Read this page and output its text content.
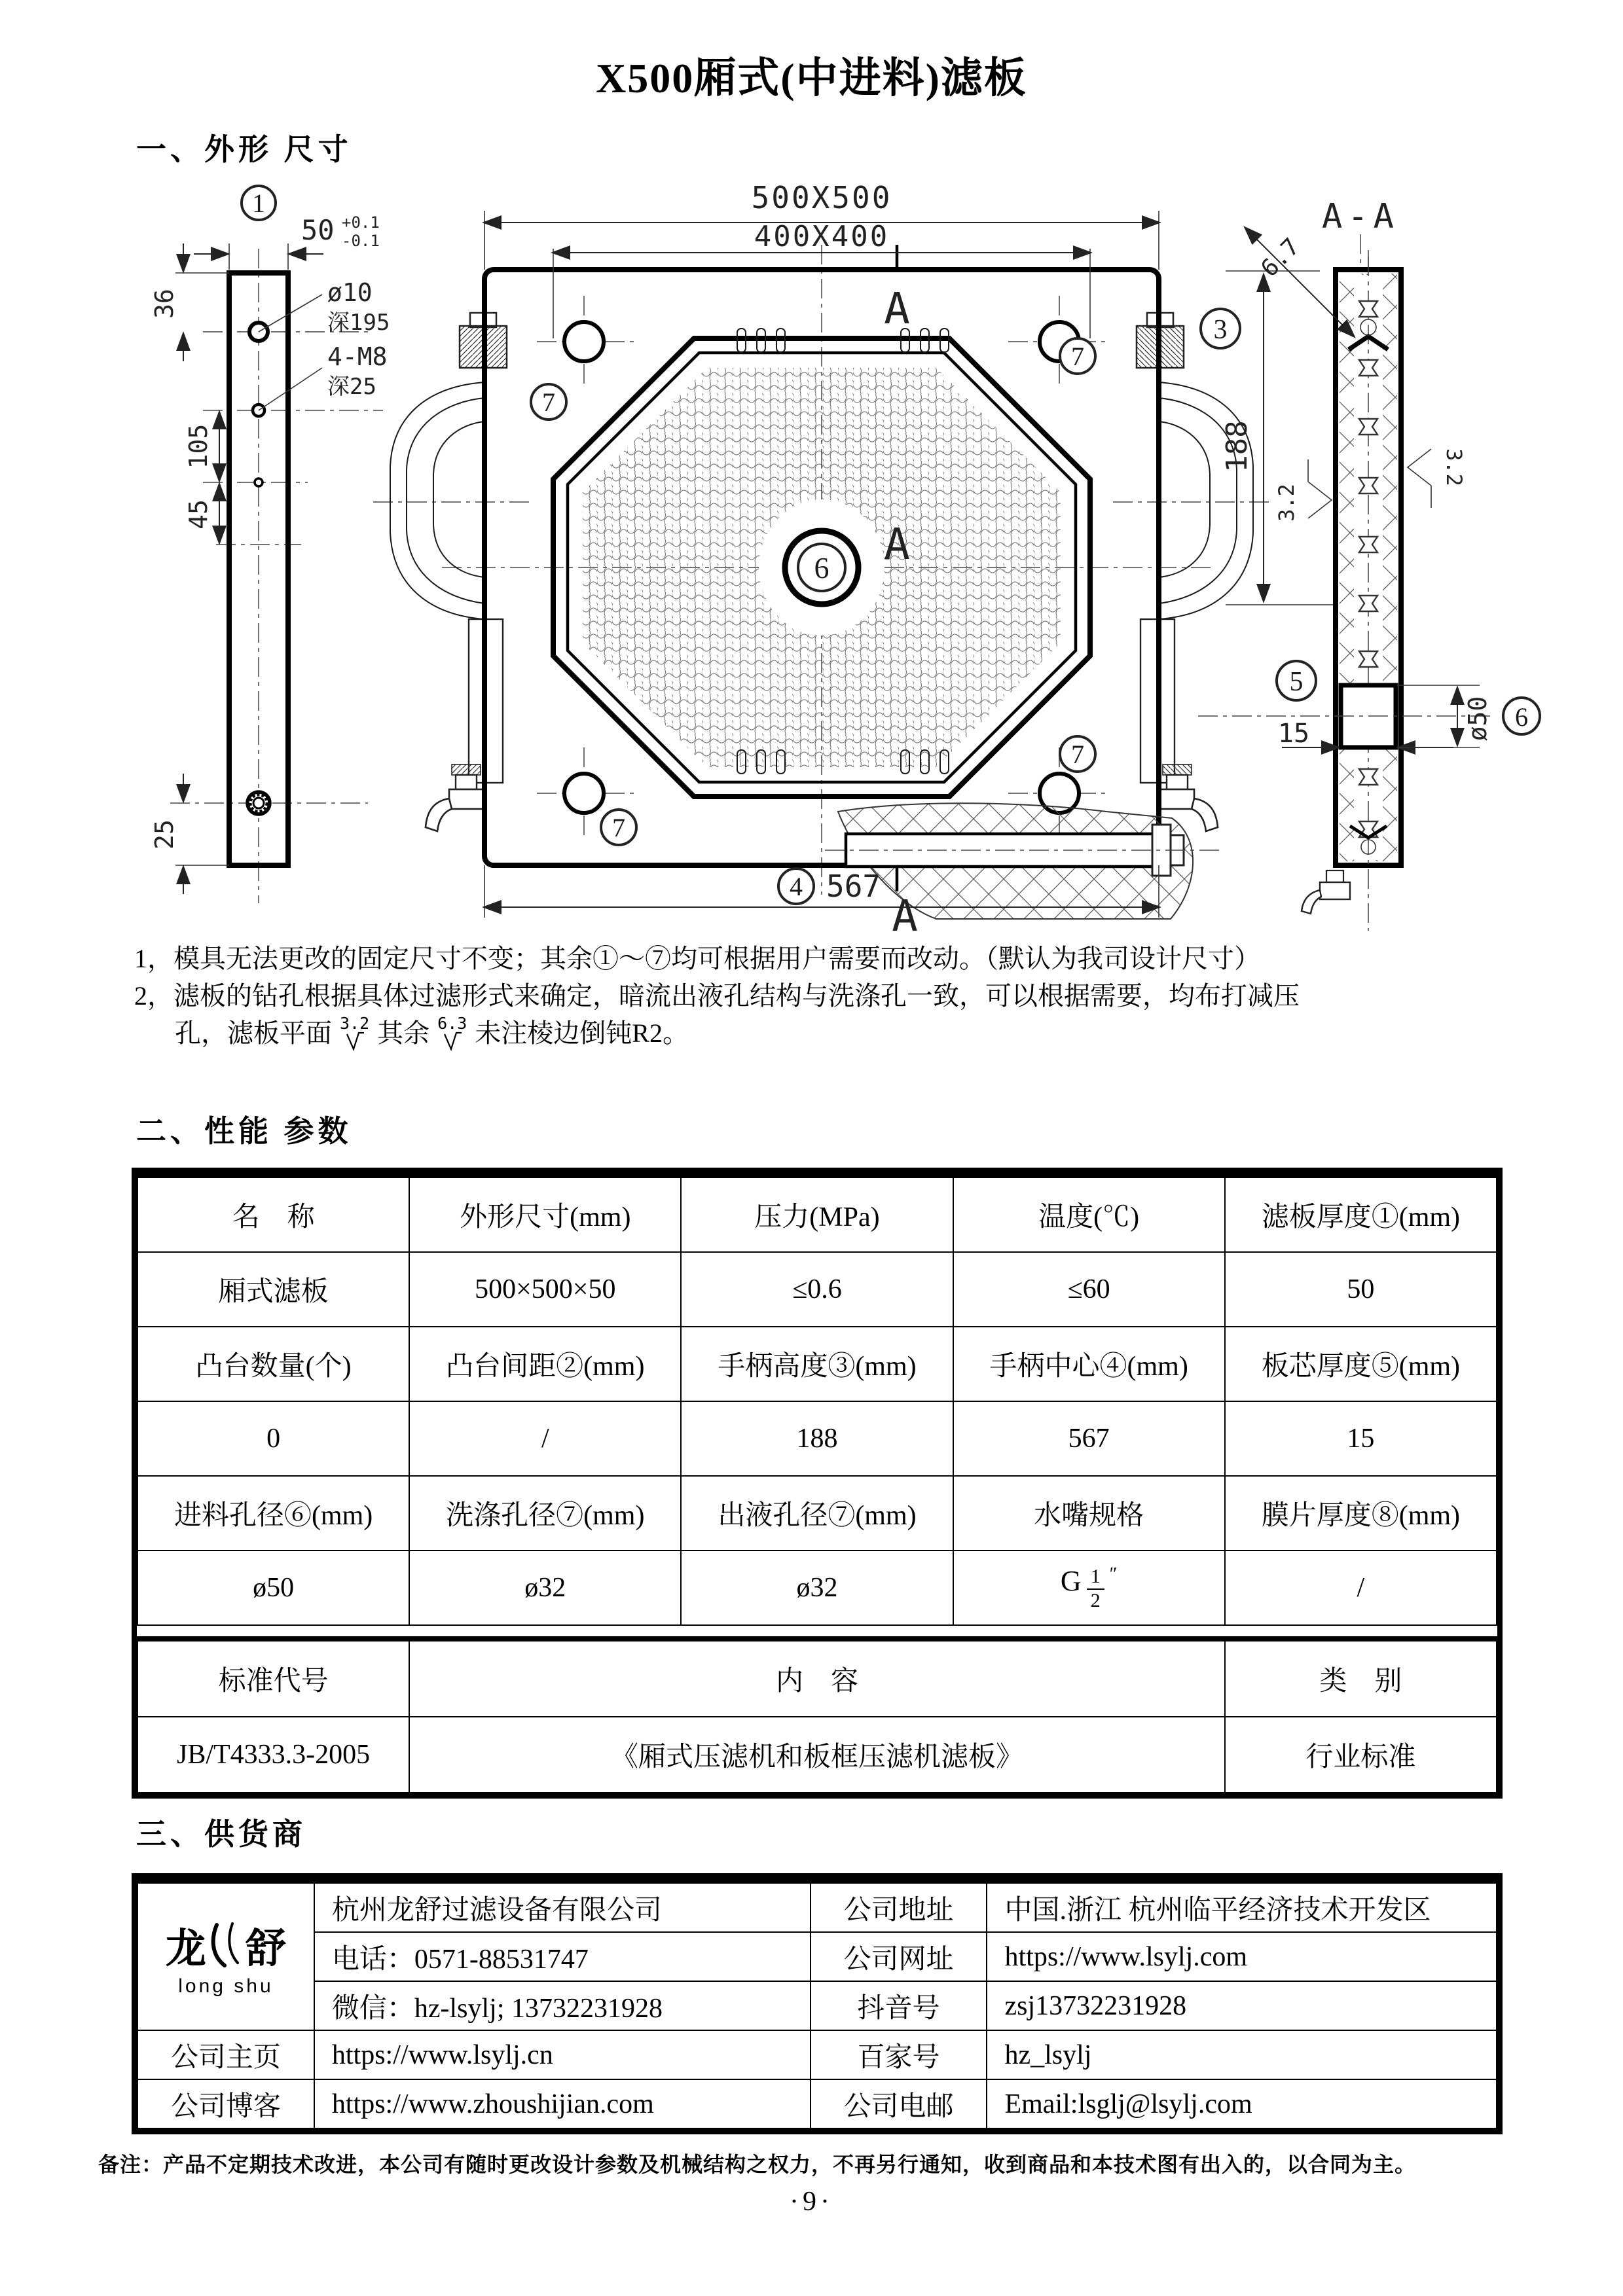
X500厢式(中进料)滤板
一、外形 尺寸
1
50 +0.1
-0.1
36
105
45
25
ø10
深195
4-M8
深25
6
7
7
7
7
A
A
A
500X500
400X400
4 567
A-A
188
3
6.7
3.2
3.2
5
15	ø50 6
1，模具无法更改的固定尺寸不变；其余①～⑦均可根据用户需要而改动。（默认为我司设计尺寸）
2，滤板的钻孔根据具体过滤形式来确定，暗流出液孔结构与洗涤孔一致，可以根据需要，均布打减压
孔，滤板平面 3.2 其余 6.3 未注棱边倒钝R2。
二、性能 参数
名　称	外形尺寸(mm)	压力(MPa)	温度(℃)	滤板厚度①(mm)
厢式滤板	500×500×50	≤0.6	≤60	50
凸台数量(个)	凸台间距②(mm)	手柄高度③(mm)	手柄中心④(mm)	板芯厚度⑤(mm)
0	/	188	567	15
进料孔径⑥(mm)	洗涤孔径⑦(mm)	出液孔径⑦(mm)	水嘴规格	膜片厚度⑧(mm)
ø50	ø32	ø32	G $\frac{1}{2}$ ″	/

标准代号	内　容			类　别
JB/T4333.3-2005	《厢式压滤机和板框压滤机滤板》			行业标准
三、供货商
龙 舒
long shu	杭州龙舒过滤设备有限公司	公司地址	中国.浙江 杭州临平经济技术开发区
	电话：0571-88531747	公司网址	https://www.lsylj.com
	微信：hz-lsylj; 13732231928	抖音号	zsj13732231928
公司主页	https://www.lsylj.cn	百家号	hz_lsylj
公司博客	https://www.zhoushijian.com	公司电邮	Email:lsglj@lsylj.com
备注：产品不定期技术改进，本公司有随时更改设计参数及机械结构之权力，不再另行通知，收到商品和本技术图有出入的，以合同为主。
·9·
